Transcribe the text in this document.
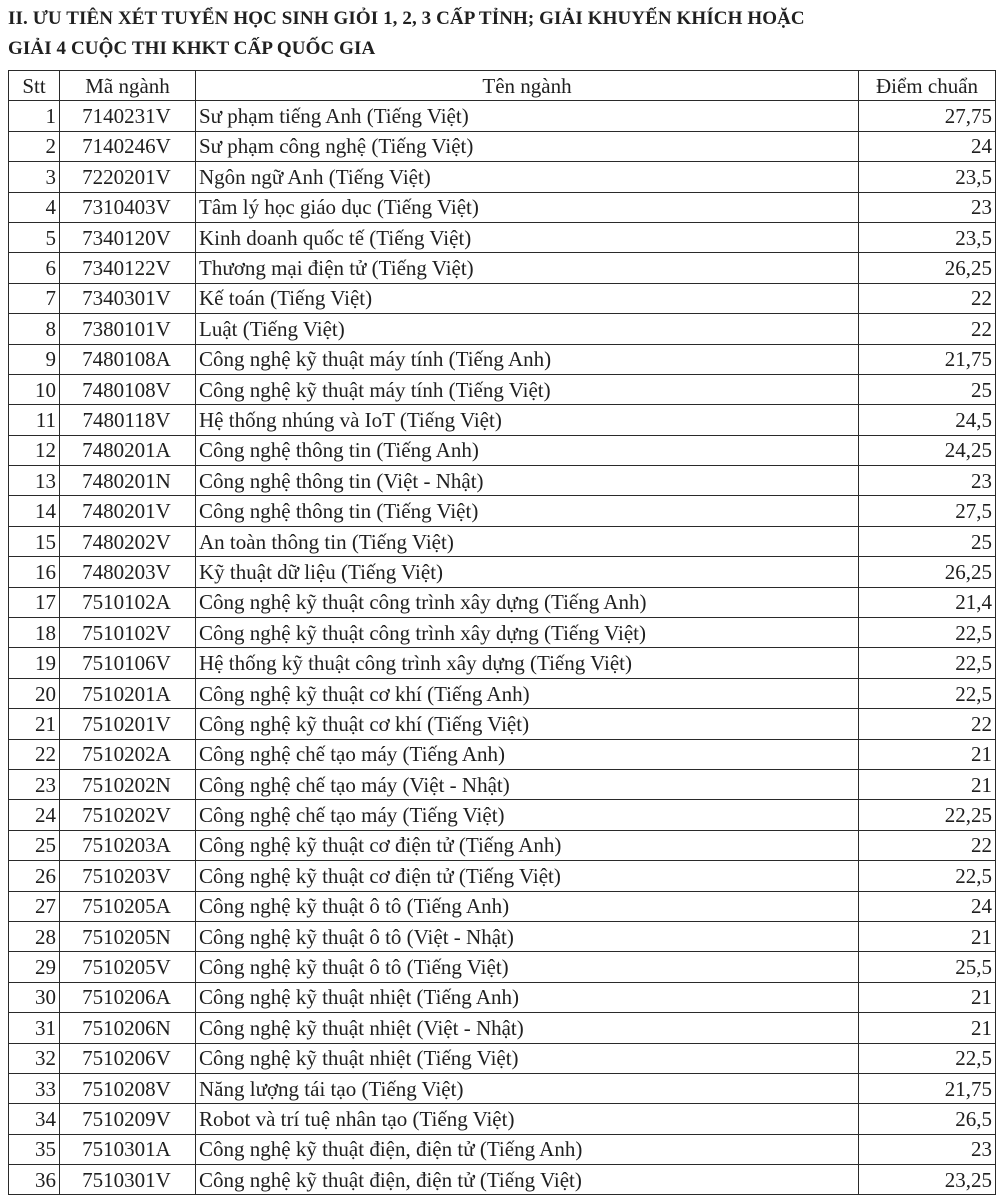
II. ƯU TIÊN XÉT TUYỂN HỌC SINH GIỎI 1, 2, 3 CẤP TỈNH; GIẢI KHUYẾN KHÍCH HOẶC
GIẢI 4 CUỘC THI KHKT CẤP QUỐC GIA
Stt	Mã ngành	Tên ngành	Điểm chuẩn
1	7140231V	Sư phạm tiếng Anh (Tiếng Việt)	27,75
2	7140246V	Sư phạm công nghệ (Tiếng Việt)	24
3	7220201V	Ngôn ngữ Anh (Tiếng Việt)	23,5
4	7310403V	Tâm lý học giáo dục (Tiếng Việt)	23
5	7340120V	Kinh doanh quốc tế (Tiếng Việt)	23,5
6	7340122V	Thương mại điện tử (Tiếng Việt)	26,25
7	7340301V	Kế toán (Tiếng Việt)	22
8	7380101V	Luật (Tiếng Việt)	22
9	7480108A	Công nghệ kỹ thuật máy tính (Tiếng Anh)	21,75
10	7480108V	Công nghệ kỹ thuật máy tính (Tiếng Việt)	25
11	7480118V	Hệ thống nhúng và IoT (Tiếng Việt)	24,5
12	7480201A	Công nghệ thông tin (Tiếng Anh)	24,25
13	7480201N	Công nghệ thông tin (Việt - Nhật)	23
14	7480201V	Công nghệ thông tin (Tiếng Việt)	27,5
15	7480202V	An toàn thông tin (Tiếng Việt)	25
16	7480203V	Kỹ thuật dữ liệu (Tiếng Việt)	26,25
17	7510102A	Công nghệ kỹ thuật công trình xây dựng (Tiếng Anh)	21,4
18	7510102V	Công nghệ kỹ thuật công trình xây dựng (Tiếng Việt)	22,5
19	7510106V	Hệ thống kỹ thuật công trình xây dựng (Tiếng Việt)	22,5
20	7510201A	Công nghệ kỹ thuật cơ khí (Tiếng Anh)	22,5
21	7510201V	Công nghệ kỹ thuật cơ khí (Tiếng Việt)	22
22	7510202A	Công nghệ chế tạo máy (Tiếng Anh)	21
23	7510202N	Công nghệ chế tạo máy (Việt - Nhật)	21
24	7510202V	Công nghệ chế tạo máy (Tiếng Việt)	22,25
25	7510203A	Công nghệ kỹ thuật cơ điện tử (Tiếng Anh)	22
26	7510203V	Công nghệ kỹ thuật cơ điện tử (Tiếng Việt)	22,5
27	7510205A	Công nghệ kỹ thuật ô tô (Tiếng Anh)	24
28	7510205N	Công nghệ kỹ thuật ô tô (Việt - Nhật)	21
29	7510205V	Công nghệ kỹ thuật ô tô (Tiếng Việt)	25,5
30	7510206A	Công nghệ kỹ thuật nhiệt (Tiếng Anh)	21
31	7510206N	Công nghệ kỹ thuật nhiệt (Việt - Nhật)	21
32	7510206V	Công nghệ kỹ thuật nhiệt (Tiếng Việt)	22,5
33	7510208V	Năng lượng tái tạo (Tiếng Việt)	21,75
34	7510209V	Robot và trí tuệ nhân tạo (Tiếng Việt)	26,5
35	7510301A	Công nghệ kỹ thuật điện, điện tử (Tiếng Anh)	23
36	7510301V	Công nghệ kỹ thuật điện, điện tử (Tiếng Việt)	23,25
